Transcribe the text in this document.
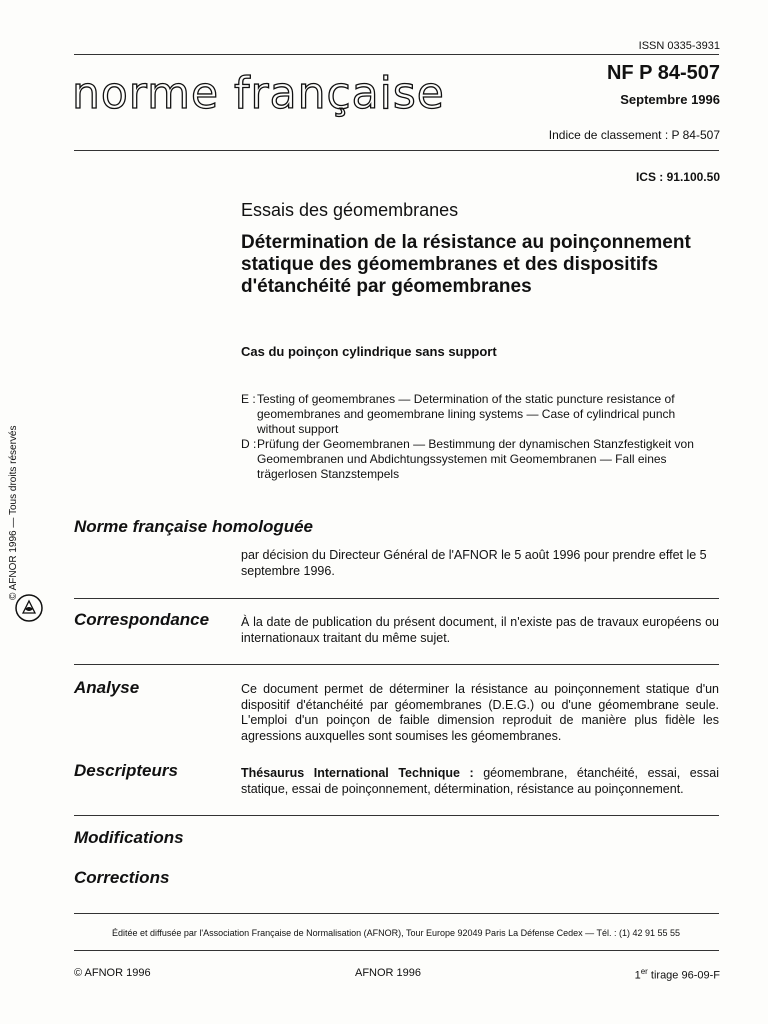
ISSN 0335-3931
norme française	NF P 84-507
Septembre 1996
Indice de classement : P 84-507
ICS : 91.100.50
Essais des géomembranes
Détermination de la résistance au poinçonnement statique des géomembranes et des dispositifs d'étanchéité par géomembranes
Cas du poinçon cylindrique sans support
E : Testing of geomembranes — Determination of the static puncture resistance of geomembranes and geomembrane lining systems — Case of cylindrical punch without support
D : Prüfung der Geomembranen — Bestimmung der dynamischen Stanzfestigkeit von Geomembranen und Abdichtungssystemen mit Geomembranen — Fall eines trägerlosen Stanzstempels
Norme française homologuée
par décision du Directeur Général de l'AFNOR le 5 août 1996 pour prendre effet le 5 septembre 1996.
Correspondance	À la date de publication du présent document, il n'existe pas de travaux européens ou internationaux traitant du même sujet.
Analyse	Ce document permet de déterminer la résistance au poinçonnement statique d'un dispositif d'étanchéité par géomembranes (D.E.G.) ou d'une géomembrane seule. L'emploi d'un poinçon de faible dimension reproduit de manière plus fidèle les agressions auxquelles sont soumises les géomembranes.
Descripteurs	Thésaurus International Technique : géomembrane, étanchéité, essai, essai statique, essai de poinçonnement, détermination, résistance au poinçonnement.
Modifications
Corrections
© AFNOR 1996 — Tous droits réservés
Éditée et diffusée par l'Association Française de Normalisation (AFNOR), Tour Europe 92049 Paris La Défense Cedex — Tél. : (1) 42 91 55 55
© AFNOR 1996	AFNOR 1996	1er tirage 96-09-F
